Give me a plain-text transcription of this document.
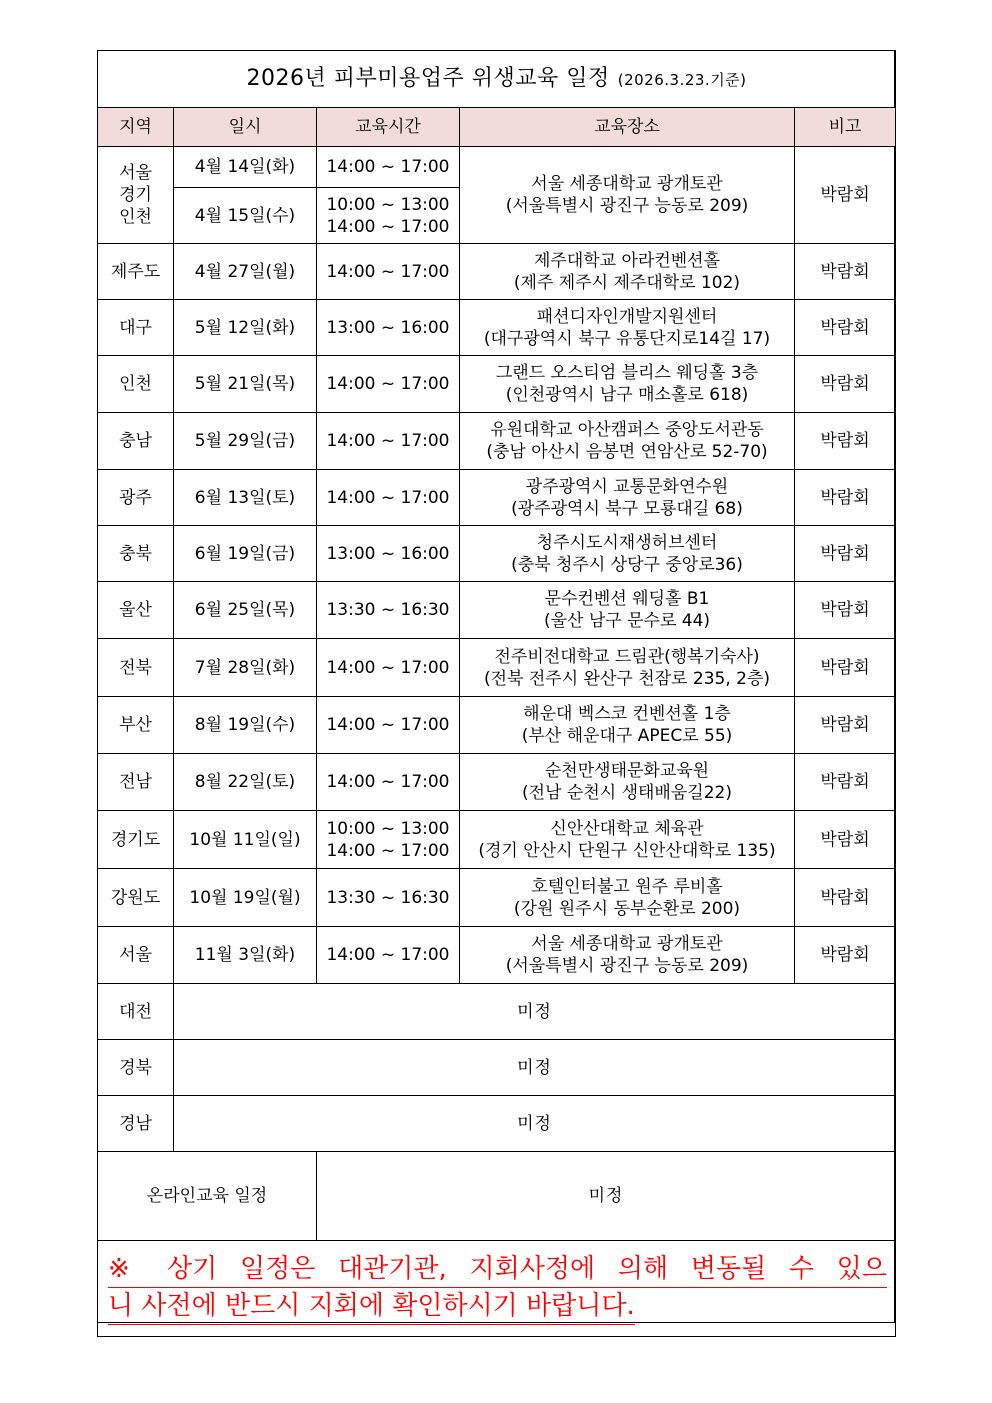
2026년 피부미용업주 위생교육 일정 (2026.3.23.기준)				
지역	일시	교육시간	교육장소	비고

서울
경기
인천	4월 14일(화)	14:00 ~ 17:00	서울 세종대학교 광개토관
(서울특별시 광진구 능동로 209)	박람회
	4월 15일(수)	10:00 ~ 13:00
14:00 ~ 17:00		

제주도	4월 27일(월)	14:00 ~ 17:00	제주대학교 아라컨벤션홀
(제주 제주시 제주대학로 102)	박람회
대구	5월 12일(화)	13:00 ~ 16:00	패션디자인개발지원센터
(대구광역시 북구 유통단지로14길 17)	박람회
인천	5월 21일(목)	14:00 ~ 17:00	그랜드 오스티엄 블리스 웨딩홀 3층
(인천광역시 남구 매소홀로 618)	박람회
충남	5월 29일(금)	14:00 ~ 17:00	유원대학교 아산캠퍼스 중앙도서관동
(충남 아산시 음봉면 연암산로 52-70)	박람회
광주	6월 13일(토)	14:00 ~ 17:00	광주광역시 교통문화연수원
(광주광역시 북구 모룡대길 68)	박람회
충북	6월 19일(금)	13:00 ~ 16:00	청주시도시재생허브센터
(충북 청주시 상당구 중앙로36)	박람회
울산	6월 25일(목)	13:30 ~ 16:30	문수컨벤션 웨딩홀 B1
(울산 남구 문수로 44)	박람회
전북	7월 28일(화)	14:00 ~ 17:00	전주비전대학교 드림관(행복기숙사)
(전북 전주시 완산구 천잠로 235, 2층)	박람회
부산	8월 19일(수)	14:00 ~ 17:00	해운대 벡스코 컨벤션홀 1층
(부산 해운대구 APEC로 55)	박람회
전남	8월 22일(토)	14:00 ~ 17:00	순천만생태문화교육원
(전남 순천시 생태배움길22)	박람회
경기도	10월 11일(일)	10:00 ~ 13:00
14:00 ~ 17:00	신안산대학교 체육관
(경기 안산시 단원구 신안산대학로 135)	박람회
강원도	10월 19일(월)	13:30 ~ 16:30	호텔인터불고 원주 루비홀
(강원 원주시 동부순환로 200)	박람회
서울	11월 3일(화)	14:00 ~ 17:00	서울 세종대학교 광개토관
(서울특별시 광진구 능동로 209)	박람회
대전	미정			
경북	미정			
경남	미정			
온라인교육 일정		미정		

※ 상기 일정은 대관기관, 지회사정에 의해 변동될 수 있으
니 사전에 반드시 지회에 확인하시기 바랍니다.				
